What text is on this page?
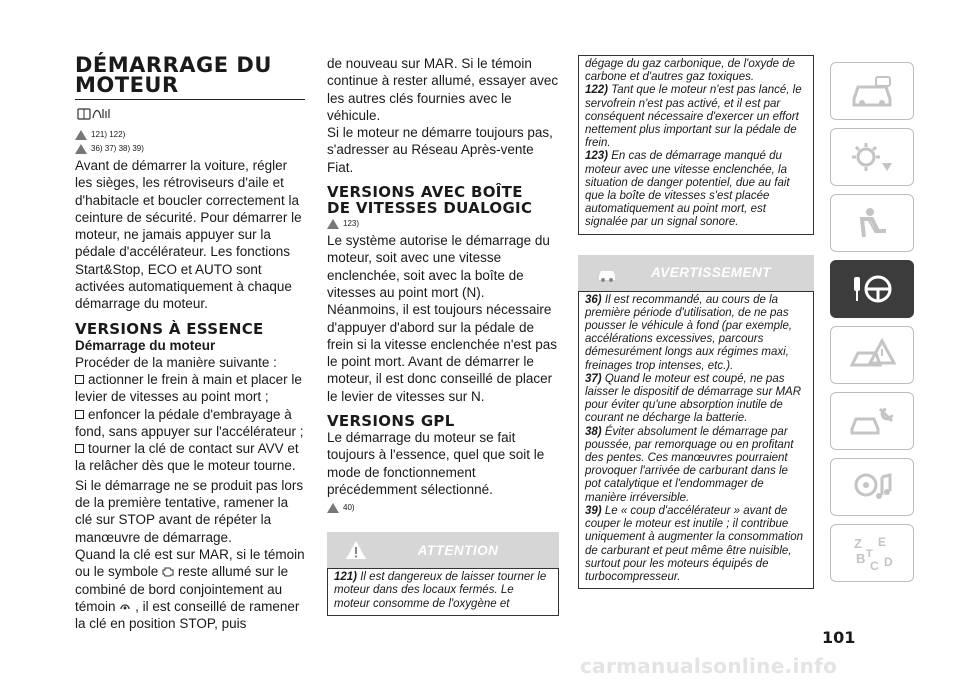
DÉMARRAGE DU
MOTEUR
121) 122)
36) 37) 38) 39)
Avant de démarrer la voiture, régler les sièges, les rétroviseurs d'aile et d'habitacle et boucler correctement la ceinture de sécurité. Pour démarrer le moteur, ne jamais appuyer sur la pédale d'accélérateur. Les fonctions Start&Stop, ECO et AUTO sont activées automatiquement à chaque démarrage du moteur.
VERSIONS À ESSENCE
Démarrage du moteur
Procéder de la manière suivante :
actionner le frein à main et placer le levier de vitesses au point mort ;
enfoncer la pédale d'embrayage à fond, sans appuyer sur l'accélérateur ;
tourner la clé de contact sur AVV et la relâcher dès que le moteur tourne.
Si le démarrage ne se produit pas lors de la première tentative, ramener la clé sur STOP avant de répéter la manœuvre de démarrage.
Quand la clé est sur MAR, si le témoin ou le symbole reste allumé sur le combiné de bord conjointement au témoin , il est conseillé de ramener la clé en position STOP, puis
de nouveau sur MAR. Si le témoin continue à rester allumé, essayer avec les autres clés fournies avec le véhicule.
Si le moteur ne démarre toujours pas, s'adresser au Réseau Après-vente Fiat.
VERSIONS AVEC BOÎTE
DE VITESSES DUALOGIC
123)
Le système autorise le démarrage du moteur, soit avec une vitesse enclenchée, soit avec la boîte de vitesses au point mort (N). Néanmoins, il est toujours nécessaire d'appuyer d'abord sur la pédale de frein si la vitesse enclenchée n'est pas le point mort. Avant de démarrer le moteur, il est donc conseillé de placer le levier de vitesses sur N.
VERSIONS GPL
Le démarrage du moteur se fait toujours à l'essence, quel que soit le mode de fonctionnement précédemment sélectionné.
40)
ATTENTION
121) Il est dangereux de laisser tourner le moteur dans des locaux fermés. Le moteur consomme de l'oxygène et
dégage du gaz carbonique, de l'oxyde de carbone et d'autres gaz toxiques.
122) Tant que le moteur n'est pas lancé, le servofrein n'est pas activé, et il est par conséquent nécessaire d'exercer un effort nettement plus important sur la pédale de frein.
123) En cas de démarrage manqué du moteur avec une vitesse enclenchée, la situation de danger potentiel, due au fait que la boîte de vitesses s'est placée automatiquement au point mort, est signalée par un signal sonore.
AVERTISSEMENT
36) Il est recommandé, au cours de la première période d'utilisation, de ne pas pousser le véhicule à fond (par exemple, accélérations excessives, parcours démesurément longs aux régimes maxi, freinages trop intenses, etc.).
37) Quand le moteur est coupé, ne pas laisser le dispositif de démarrage sur MAR pour éviter qu'une absorption inutile de courant ne décharge la batterie.
38) Éviter absolument le démarrage par poussée, par remorquage ou en profitant des pentes. Ces manœuvres pourraient provoquer l'arrivée de carburant dans le pot catalytique et l'endommager de manière irréversible.
39) Le « coup d'accélérateur » avant de couper le moteur est inutile ; il contribue uniquement à augmenter la consommation de carburant et peut même être nuisible, surtout pour les moteurs équipés de turbocompresseur.
Z E
B C D
T
101
carmanualsonline.info
